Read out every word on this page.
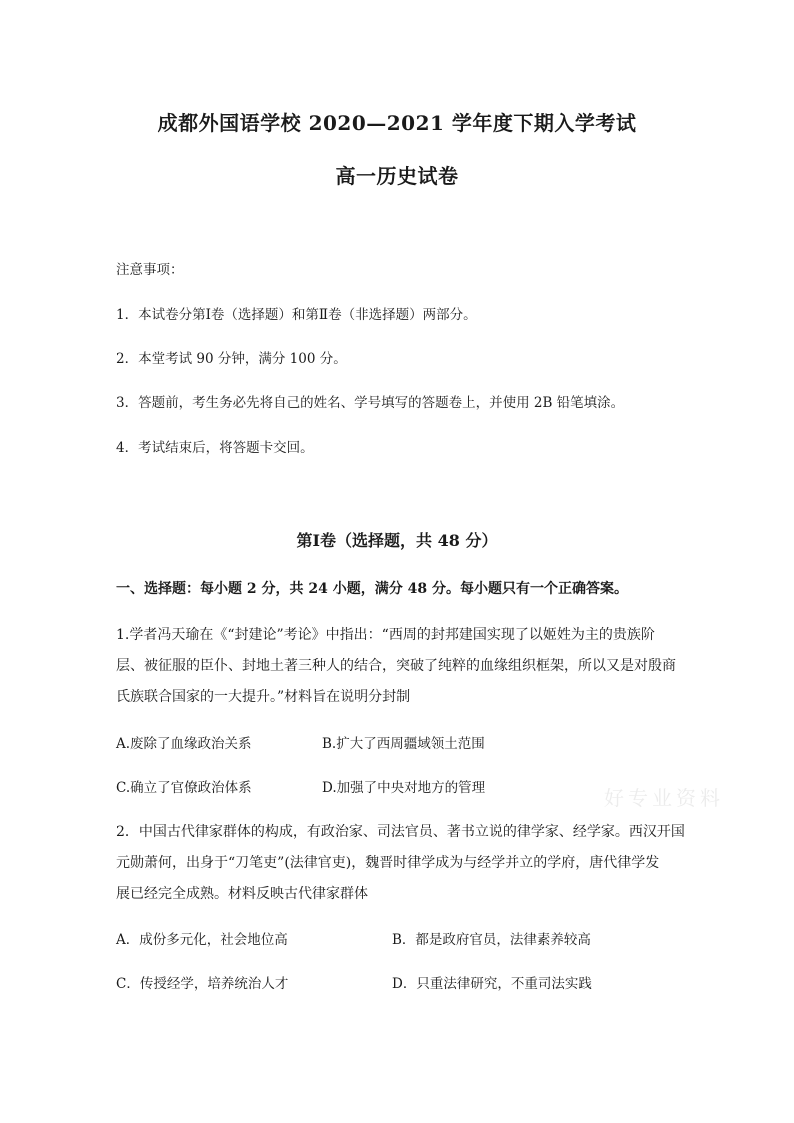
成都外国语学校 2020—2021 学年度下期入学考试
高一历史试卷
注意事项：
1．本试卷分第Ⅰ卷（选择题）和第Ⅱ卷（非选择题）两部分。
2．本堂考试 90 分钟，满分 100 分。
3．答题前，考生务必先将自己的姓名、学号填写的答题卷上，并使用 2B 铅笔填涂。
4．考试结束后，将答题卡交回。
第Ⅰ卷（选择题，共 48 分）
一、选择题：每小题 2 分，共 24 小题，满分 48 分。每小题只有一个正确答案。
1.学者冯天瑜在《“封建论”考论》中指出：“西周的封邦建国实现了以姬姓为主的贵族阶
层、被征服的臣仆、封地土著三种人的结合，突破了纯粹的血缘组织框架，所以又是对殷商
氏族联合国家的一大提升。”材料旨在说明分封制
A.废除了血缘政治关系	B.扩大了西周疆域领土范围
C.确立了官僚政治体系	D.加强了中央对地方的管理
2．中国古代律家群体的构成，有政治家、司法官员、著书立说的律学家、经学家。西汉开国
元勋萧何，出身于“刀笔吏”(法律官吏)，魏晋时律学成为与经学并立的学府，唐代律学发
展已经完全成熟。材料反映古代律家群体
A．成份多元化，社会地位高	B．都是政府官员，法律素养较高
C．传授经学，培养统治人才	D．只重法律研究，不重司法实践
好专业资料
